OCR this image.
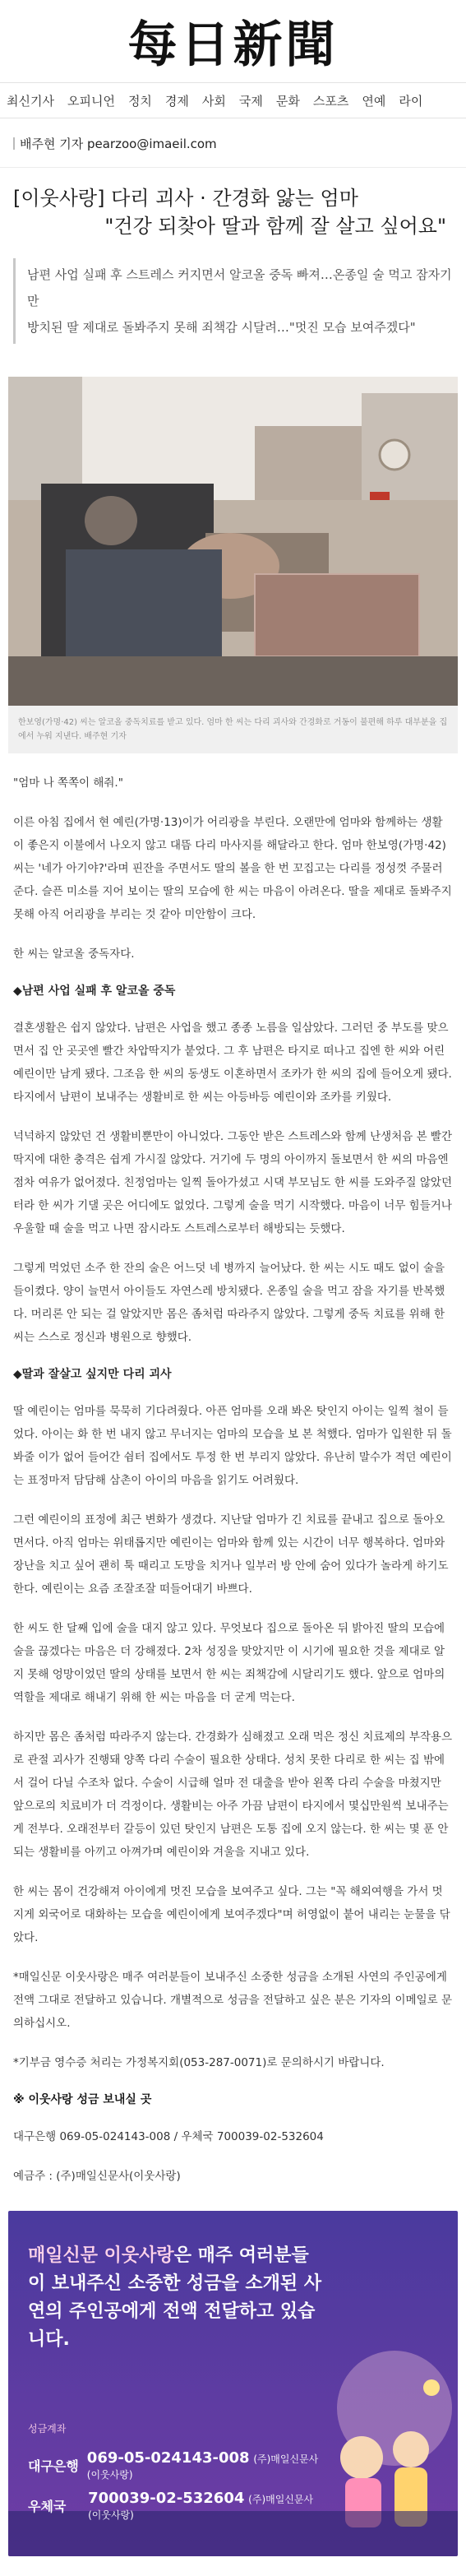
每日新聞
최신기사 오피니언 정치 경제 사회 국제 문화 스포츠 연예 라이
배주현 기자 pearzoo@imaeil.com
[이웃사랑] 다리 괴사 · 간경화 앓는 엄마
"건강 되찾아 딸과 함께 잘 살고 싶어요"

남편 사업 실패 후 스트레스 커지면서 알코올 중독 빠져…온종일 술 먹고 잠자기만

방치된 딸 제대로 돌봐주지 못해 죄책감 시달려…"멋진 모습 보여주겠다"

한보영(가명·42) 씨는 알코올 중독치료를 받고 있다. 엄마 한 씨는 다리 괴사와 간경화로 거동이 불편해 하루 대부분을 집에서 누워 지낸다. 배주현 기자

"엄마 나 쪽쪽이 해줘."

이른 아침 집에서 현 예린(가명·13)이가 어리광을 부린다. 오랜만에 엄마와 함께하는 생활이 좋은지 이불에서 나오지 않고 대뜸 다리 마사지를 해달라고 한다. 엄마 한보영(가명·42) 씨는 '네가 아기야?'라며 핀잔을 주면서도 딸의 볼을 한 번 꼬집고는 다리를 정성껏 주물러 준다. 슬픈 미소를 지어 보이는 딸의 모습에 한 씨는 마음이 아려온다. 딸을 제대로 돌봐주지 못해 아직 어리광을 부리는 것 같아 미안함이 크다.

한 씨는 알코올 중독자다.

◆남편 사업 실패 후 알코올 중독

결혼생활은 쉽지 않았다. 남편은 사업을 했고 종종 노름을 일삼았다. 그러던 중 부도를 맞으면서 집 안 곳곳엔 빨간 차압딱지가 붙었다. 그 후 남편은 타지로 떠나고 집엔 한 씨와 어린 예린이만 남게 됐다. 그조음 한 씨의 동생도 이혼하면서 조카가 한 씨의 집에 들어오게 됐다. 타지에서 남편이 보내주는 생활비로 한 씨는 아등바등 예린이와 조카를 키웠다.

넉넉하지 않았던 건 생활비뿐만이 아니었다. 그동안 받은 스트레스와 함께 난생처음 본 빨간딱지에 대한 충격은 쉽게 가시질 않았다. 거기에 두 명의 아이까지 돌보면서 한 씨의 마음엔 점차 여유가 없어졌다. 친정엄마는 일찍 돌아가셨고 시댁 부모님도 한 씨를 도와주질 않았던 터라 한 씨가 기댈 곳은 어디에도 없었다. 그렇게 술을 먹기 시작했다. 마음이 너무 힘들거나 우울할 때 술을 먹고 나면 잠시라도 스트레스로부터 해방되는 듯했다.

그렇게 먹었던 소주 한 잔의 술은 어느덧 네 병까지 늘어났다. 한 씨는 시도 때도 없이 술을 들이켰다. 양이 늘면서 아이들도 자연스레 방치됐다. 온종일 술을 먹고 잠을 자기를 반복했다. 머리론 안 되는 걸 알았지만 몸은 좀처럼 따라주지 않았다. 그렇게 중독 치료를 위해 한 씨는 스스로 정신과 병원으로 향했다.

◆딸과 잘살고 싶지만 다리 괴사

딸 예린이는 엄마를 묵묵히 기다려줬다. 아픈 엄마를 오래 봐온 탓인지 아이는 일찍 철이 들었다. 아이는 화 한 번 내지 않고 무너지는 엄마의 모습을 보 본 척했다. 엄마가 입원한 뒤 돌봐줄 이가 없어 들어간 쉼터 집에서도 투정 한 번 부리지 않았다. 유난히 말수가 적던 예린이는 표정마저 담담해 삼촌이 아이의 마음을 읽기도 어려웠다.

그런 예린이의 표정에 최근 변화가 생겼다. 지난달 엄마가 긴 치료를 끝내고 집으로 돌아오면서다. 아직 엄마는 위태롭지만 예린이는 엄마와 함께 있는 시간이 너무 행복하다. 엄마와 장난을 치고 싶어 괜히 툭 때리고 도망을 치거나 일부러 방 안에 숨어 있다가 놀라게 하기도 한다. 예린이는 요즘 조잘조잘 떠들어대기 바쁘다.

한 씨도 한 달째 입에 술을 대지 않고 있다. 무엇보다 집으로 돌아온 뒤 밝아진 딸의 모습에 술을 끊겠다는 마음은 더 강해졌다. 2차 성징을 맞았지만 이 시기에 필요한 것을 제대로 알지 못해 엉망이었던 딸의 상태를 보면서 한 씨는 죄책감에 시달리기도 했다. 앞으로 엄마의 역할을 제대로 해내기 위해 한 씨는 마음을 더 굳게 먹는다.

하지만 몸은 좀처럼 따라주지 않는다. 간경화가 심해졌고 오래 먹은 정신 치료제의 부작용으로 관절 괴사가 진행돼 양쪽 다리 수술이 필요한 상태다. 성치 못한 다리로 한 씨는 집 밖에서 걸어 다닐 수조차 없다. 수술이 시급해 얼마 전 대출을 받아 왼쪽 다리 수술을 마쳤지만 앞으로의 치료비가 더 걱정이다. 생활비는 아주 가끔 남편이 타지에서 몇십만원씩 보내주는 게 전부다. 오래전부터 갈등이 있던 탓인지 남편은 도통 집에 오지 않는다. 한 씨는 몇 푼 안 되는 생활비를 아끼고 아껴가며 예린이와 겨울을 지내고 있다.

한 씨는 몸이 건강해져 아이에게 멋진 모습을 보여주고 싶다. 그는 "꼭 해외여행을 가서 멋지게 외국어로 대화하는 모습을 예린이에게 보여주겠다"며 허영없이 붙어 내리는 눈물을 닦았다.

*매일신문 이웃사랑은 매주 여러분들이 보내주신 소중한 성금을 소개된 사연의 주인공에게 전액 그대로 전달하고 있습니다. 개별적으로 성금을 전달하고 싶은 분은 기자의 이메일로 문의하십시오.

*기부금 영수증 처리는 가정복지회(053-287-0071)로 문의하시기 바랍니다.

※ 이웃사랑 성금 보내실 곳

대구은행 069-05-024143-008 / 우체국 700039-02-532604

예금주 : (주)매일신문사(이웃사랑)

매일신문 이웃사랑은 매주 여러분들이 보내주신 소중한 성금을 소개된 사연의 주인공에게 전액 전달하고 있습니다.
성금계좌
대구은행 069-05-024143-008 (주)매일신문사(이웃사랑)
우체국	700039-02-532604 (주)매일신문사(이웃사랑)
